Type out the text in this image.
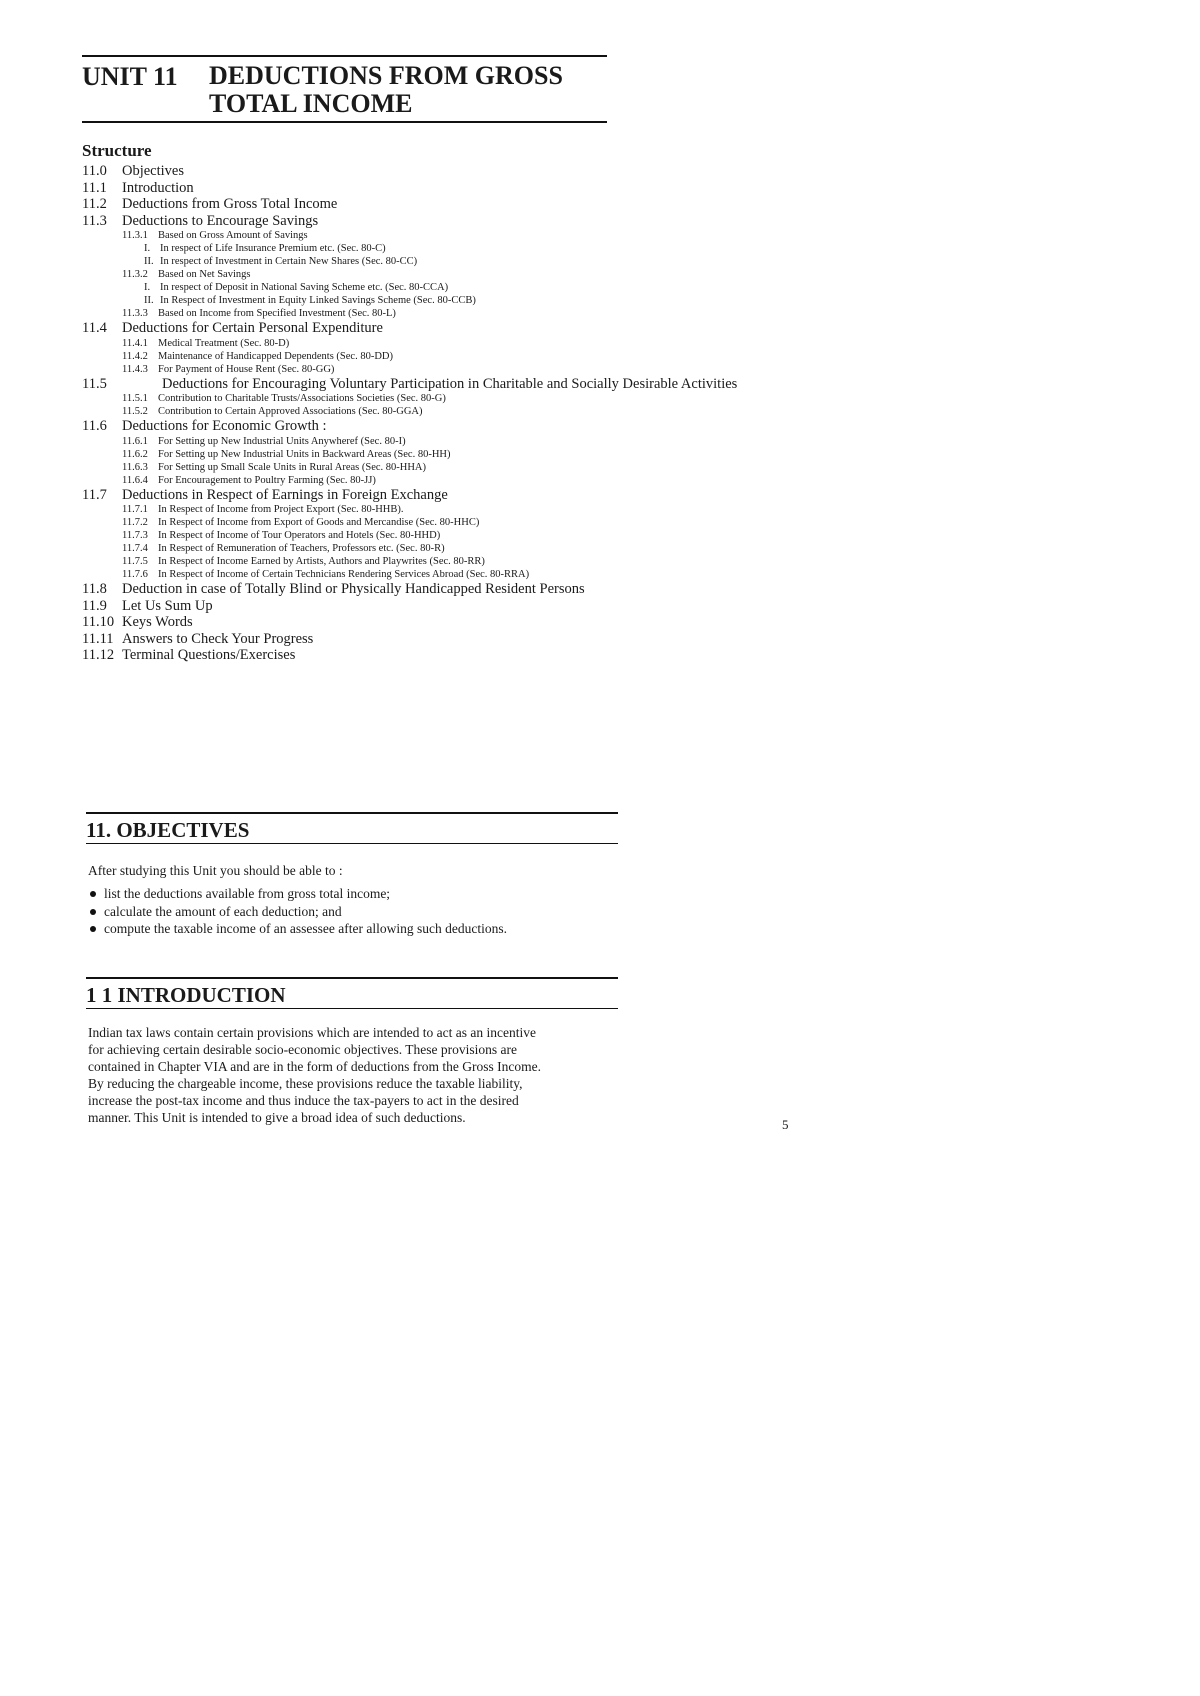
UNIT 11 DEDUCTIONS FROM GROSS
TOTAL INCOME
Structure
11.0 Objectives
11.1 Introduction
11.2 Deductions from Gross Total Income
11.3 Deductions to Encourage Savings
11.3.1 Based on Gross Amount of Savings
I. In respect of Life Insurance Premium etc. (Sec. 80-C)
II. In respect of Investment in Certain New Shares (Sec. 80-CC)
11.3.2 Based on Net Savings
I. In respect of Deposit in National Saving Scheme etc. (Sec. 80-CCA)
II. In Respect of Investment in Equity Linked Savings Scheme (Sec. 80-CCB)
11.3.3 Based on Income from Specified Investment (Sec. 80-L)
11.4 Deductions for Certain Personal Expenditure
11.4.1 Medical Treatment (Sec. 80-D)
11.4.2 Maintenance of Handicapped Dependents (Sec. 80-DD)
11.4.3 For Payment of House Rent (Sec. 80-GG)
11.5	Deductions for Encouraging Voluntary Participation in Charitable and Socially Desirable Activities
11.5.1 Contribution to Charitable Trusts/Associations Societies (Sec. 80-G)
11.5.2 Contribution to Certain Approved Associations (Sec. 80-GGA)
11.6 Deductions for Economic Growth :
11.6.1 For Setting up New Industrial Units Anywheref (Sec. 80-I)
11.6.2 For Setting up New Industrial Units in Backward Areas (Sec. 80-HH)
11.6.3 For Setting up Small Scale Units in Rural Areas (Sec. 80-HHA)
11.6.4 For Encouragement to Poultry Farming (Sec. 80-JJ)
11.7 Deductions in Respect of Earnings in Foreign Exchange
11.7.1 In Respect of Income from Project Export (Sec. 80-HHB).
11.7.2 In Respect of Income from Export of Goods and Mercandise (Sec. 80-HHC)
11.7.3 In Respect of Income of Tour Operators and Hotels (Sec. 80-HHD)
11.7.4 In Respect of Remuneration of Teachers, Professors etc. (Sec. 80-R)
11.7.5 In Respect of Income Earned by Artists, Authors and Playwrites (Sec. 80-RR)
11.7.6 In Respect of Income of Certain Technicians Rendering Services Abroad (Sec. 80-RRA)
11.8 Deduction in case of Totally Blind or Physically Handicapped Resident Persons
11.9 Let Us Sum Up
11.10 Keys Words
11.11 Answers to Check Your Progress
11.12 Terminal Questions/Exercises
11. OBJECTIVES
After studying this Unit you should be able to :
list the deductions available from gross total income;
calculate the amount of each deduction; and
compute the taxable income of an assessee after allowing such deductions.
1 1 INTRODUCTION
Indian tax laws contain certain provisions which are intended to act as an incentive
for achieving certain desirable socio-economic objectives. These provisions are
contained in Chapter VIA and are in the form of deductions from the Gross Income.
By reducing the chargeable income, these provisions reduce the taxable liability,
increase the post-tax income and thus induce the tax-payers to act in the desired
manner. This Unit is intended to give a broad idea of such deductions.	5
